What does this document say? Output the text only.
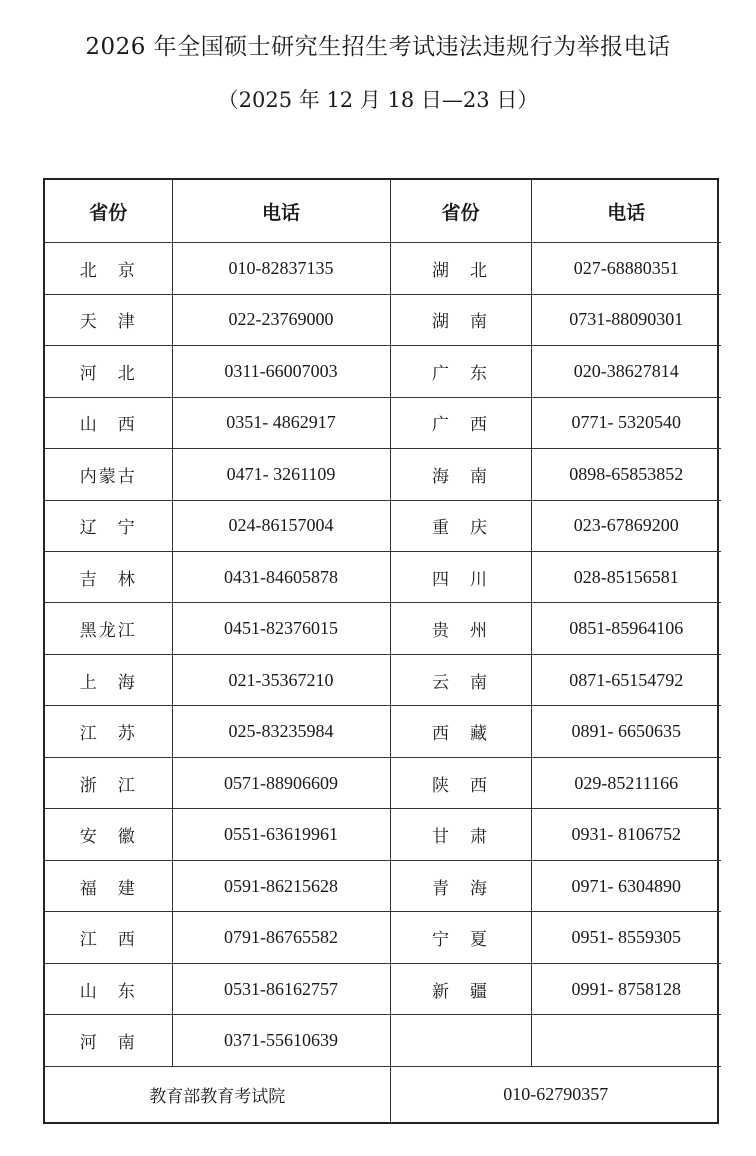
2026 年全国硕士研究生招生考试违法违规行为举报电话

（2025 年 12 月 18 日—23 日）

省份	电话	省份	电话
北　京	010-82837135	湖　北	027-68880351
天　津	022-23769000	湖　南	0731-88090301
河　北	0311-66007003	广　东	020-38627814
山　西	0351- 4862917	广　西	0771- 5320540
内蒙古	0471- 3261109	海　南	0898-65853852
辽　宁	024-86157004	重　庆	023-67869200
吉　林	0431-84605878	四　川	028-85156581
黑龙江	0451-82376015	贵　州	0851-85964106
上　海	021-35367210	云　南	0871-65154792
江　苏	025-83235984	西　藏	0891- 6650635
浙　江	0571-88906609	陕　西	029-85211166
安　徽	0551-63619961	甘　肃	0931- 8106752
福　建	0591-86215628	青　海	0971- 6304890
江　西	0791-86765582	宁　夏	0951- 8559305
山　东	0531-86162757	新　疆	0991- 8758128
河　南	0371-55610639		
教育部教育考试院		010-62790357	
